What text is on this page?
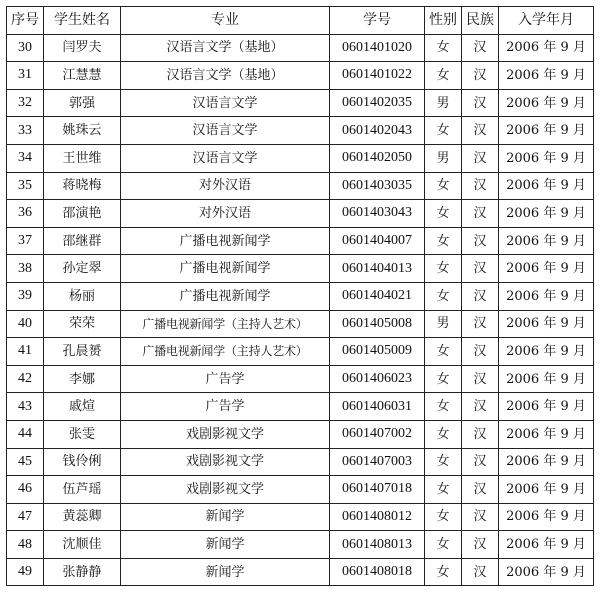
序号	学生姓名	专业	学号	性别	民族	入学年月
30	闫罗夫	汉语言文学（基地）	0601401020	女	汉	2006 年 9 月
31	江慧慧	汉语言文学（基地）	0601401022	女	汉	2006 年 9 月
32	郭强	汉语言文学	0601402035	男	汉	2006 年 9 月
33	姚珠云	汉语言文学	0601402043	女	汉	2006 年 9 月
34	王世维	汉语言文学	0601402050	男	汉	2006 年 9 月
35	蒋晓梅	对外汉语	0601403035	女	汉	2006 年 9 月
36	邵演艳	对外汉语	0601403043	女	汉	2006 年 9 月
37	邵继群	广播电视新闻学	0601404007	女	汉	2006 年 9 月
38	孙定翠	广播电视新闻学	0601404013	女	汉	2006 年 9 月
39	杨丽	广播电视新闻学	0601404021	女	汉	2006 年 9 月
40	荣荣	广播电视新闻学（主持人艺术）	0601405008	男	汉	2006 年 9 月
41	孔晨赟	广播电视新闻学（主持人艺术）	0601405009	女	汉	2006 年 9 月
42	李娜	广告学	0601406023	女	汉	2006 年 9 月
43	戚煊	广告学	0601406031	女	汉	2006 年 9 月
44	张雯	戏剧影视文学	0601407002	女	汉	2006 年 9 月
45	钱伶俐	戏剧影视文学	0601407003	女	汉	2006 年 9 月
46	伍芦瑶	戏剧影视文学	0601407018	女	汉	2006 年 9 月
47	黄蕊卿	新闻学	0601408012	女	汉	2006 年 9 月
48	沈顺佳	新闻学	0601408013	女	汉	2006 年 9 月
49	张静静	新闻学	0601408018	女	汉	2006 年 9 月
